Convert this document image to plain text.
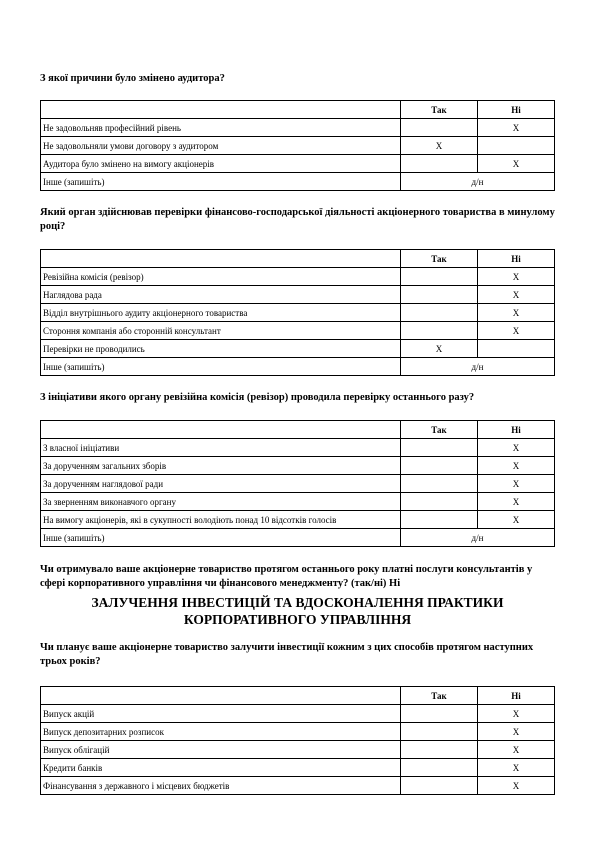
З якої причини було змінено аудитора?
	Так	Ні
Не задовольняв професійний рівень		X
Не задовольняли умови договору з аудитором	X	
Аудитора було змінено на вимогу акціонерів		X
Інше (запишіть)	д/н	
Який орган здійснював перевірки фінансово-господарської діяльності акціонерного товариства в минулому році?
	Так	Ні
Ревізійна комісія (ревізор)		X
Наглядова рада		X
Відділ внутрішнього аудиту акціонерного товариства		X
Стороння компанія або сторонній консультант		X
Перевірки не проводились	X	
Інше (запишіть)	д/н	
З ініціативи якого органу ревізійна комісія (ревізор) проводила перевірку останнього разу?
	Так	Ні
З власної ініціативи		X
За дорученням загальних зборів		X
За дорученням наглядової ради		X
За зверненням виконавчого органу		X
На вимогу акціонерів, які в сукупності володіють понад 10 відсотків голосів		X
Інше (запишіть)	д/н	
Чи отримувало ваше акціонерне товариство протягом останнього року платні послуги консультантів у сфері корпоративного управління чи фінансового менеджменту? (так/ні) Ні
ЗАЛУЧЕННЯ ІНВЕСТИЦІЙ ТА ВДОСКОНАЛЕННЯ ПРАКТИКИ КОРПОРАТИВНОГО УПРАВЛІННЯ
Чи планує ваше акціонерне товариство залучити інвестиції кожним з цих способів протягом наступних трьох років?
	Так	Ні
Випуск акцій		X
Випуск депозитарних розписок		X
Випуск облігацій		X
Кредити банків		X
Фінансування з державного і місцевих бюджетів		X
